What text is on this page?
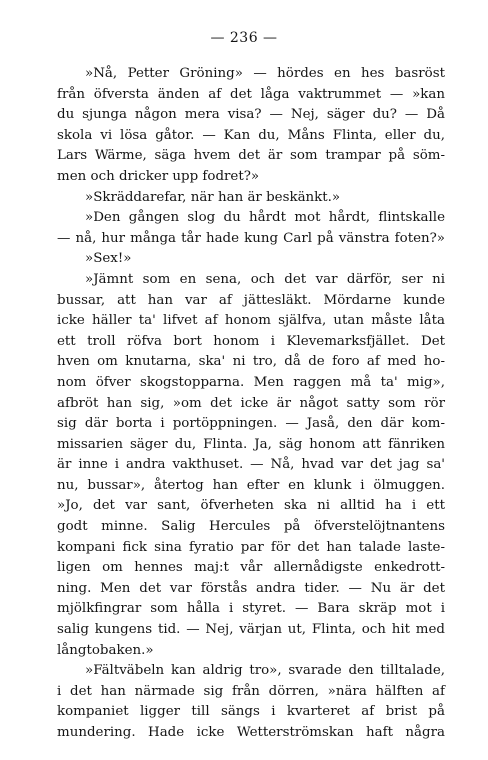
— 236 —
»Nå, Petter Gröning» — hördes en hes basröst
från öfversta änden af det låga vaktrummet — »kan
du sjunga någon mera visa? — Nej, säger du? — Då
skola vi lösa gåtor. — Kan du, Måns Flinta, eller du,
Lars Wärme, säga hvem det är som trampar på söm-
men och dricker upp fodret?»
»Skräddarefar, när han är beskänkt.»
»Den gången slog du hårdt mot hårdt, flintskalle
— nå, hur många tår hade kung Carl på vänstra foten?»
»Sex!»
»Jämnt som en sena, och det var därför, ser ni
bussar, att han var af jättesläkt. Mördarne kunde
icke häller ta' lifvet af honom själfva, utan måste låta
ett troll röfva bort honom i Klevemarksfjället. Det
hven om knutarna, ska' ni tro, då de foro af med ho-
nom öfver skogstopparna. Men raggen må ta' mig»,
afbröt han sig, »om det icke är något satty som rör
sig där borta i portöppningen. — Jaså, den där kom-
missarien säger du, Flinta. Ja, säg honom att fänriken
är inne i andra vakthuset. — Nå, hvad var det jag sa'
nu, bussar», återtog han efter en klunk i ölmuggen.
»Jo, det var sant, öfverheten ska ni alltid ha i ett
godt minne. Salig Hercules på öfverstelöjtnantens
kompani fick sina fyratio par för det han talade laste-
ligen om hennes maj:t vår allernådigste enkedrott-
ning. Men det var förstås andra tider. — Nu är det
mjölkfingrar som hålla i styret. — Bara skräp mot i
salig kungens tid. — Nej, värjan ut, Flinta, och hit med
långtobaken.»
»Fältväbeln kan aldrig tro», svarade den tilltalade,
i det han närmade sig från dörren, »nära hälften af
kompaniet ligger till sängs i kvarteret af brist på
mundering. Hade icke Wetterströmskan haft några
